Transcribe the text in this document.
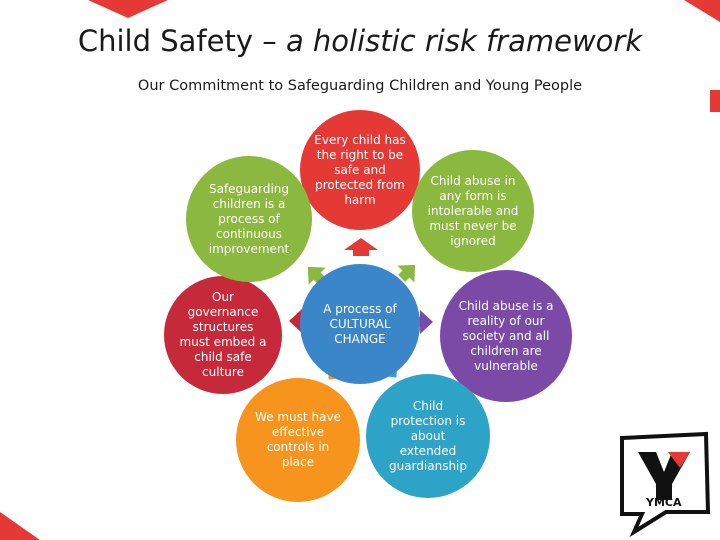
Child Safety – a holistic risk framework
Our Commitment to Safeguarding Children and Young People
Every child has the right to be safe and protected from harm
Child abuse in any form is intolerable and must never be ignored
Child abuse is a reality of our society and all children are vulnerable
Child protection is about extended guardianship
We must have effective controls in place
Our governance structures must embed a child safe culture
Safeguarding children is a process of continuous improvement
A process of CULTURAL CHANGE
YMCA
